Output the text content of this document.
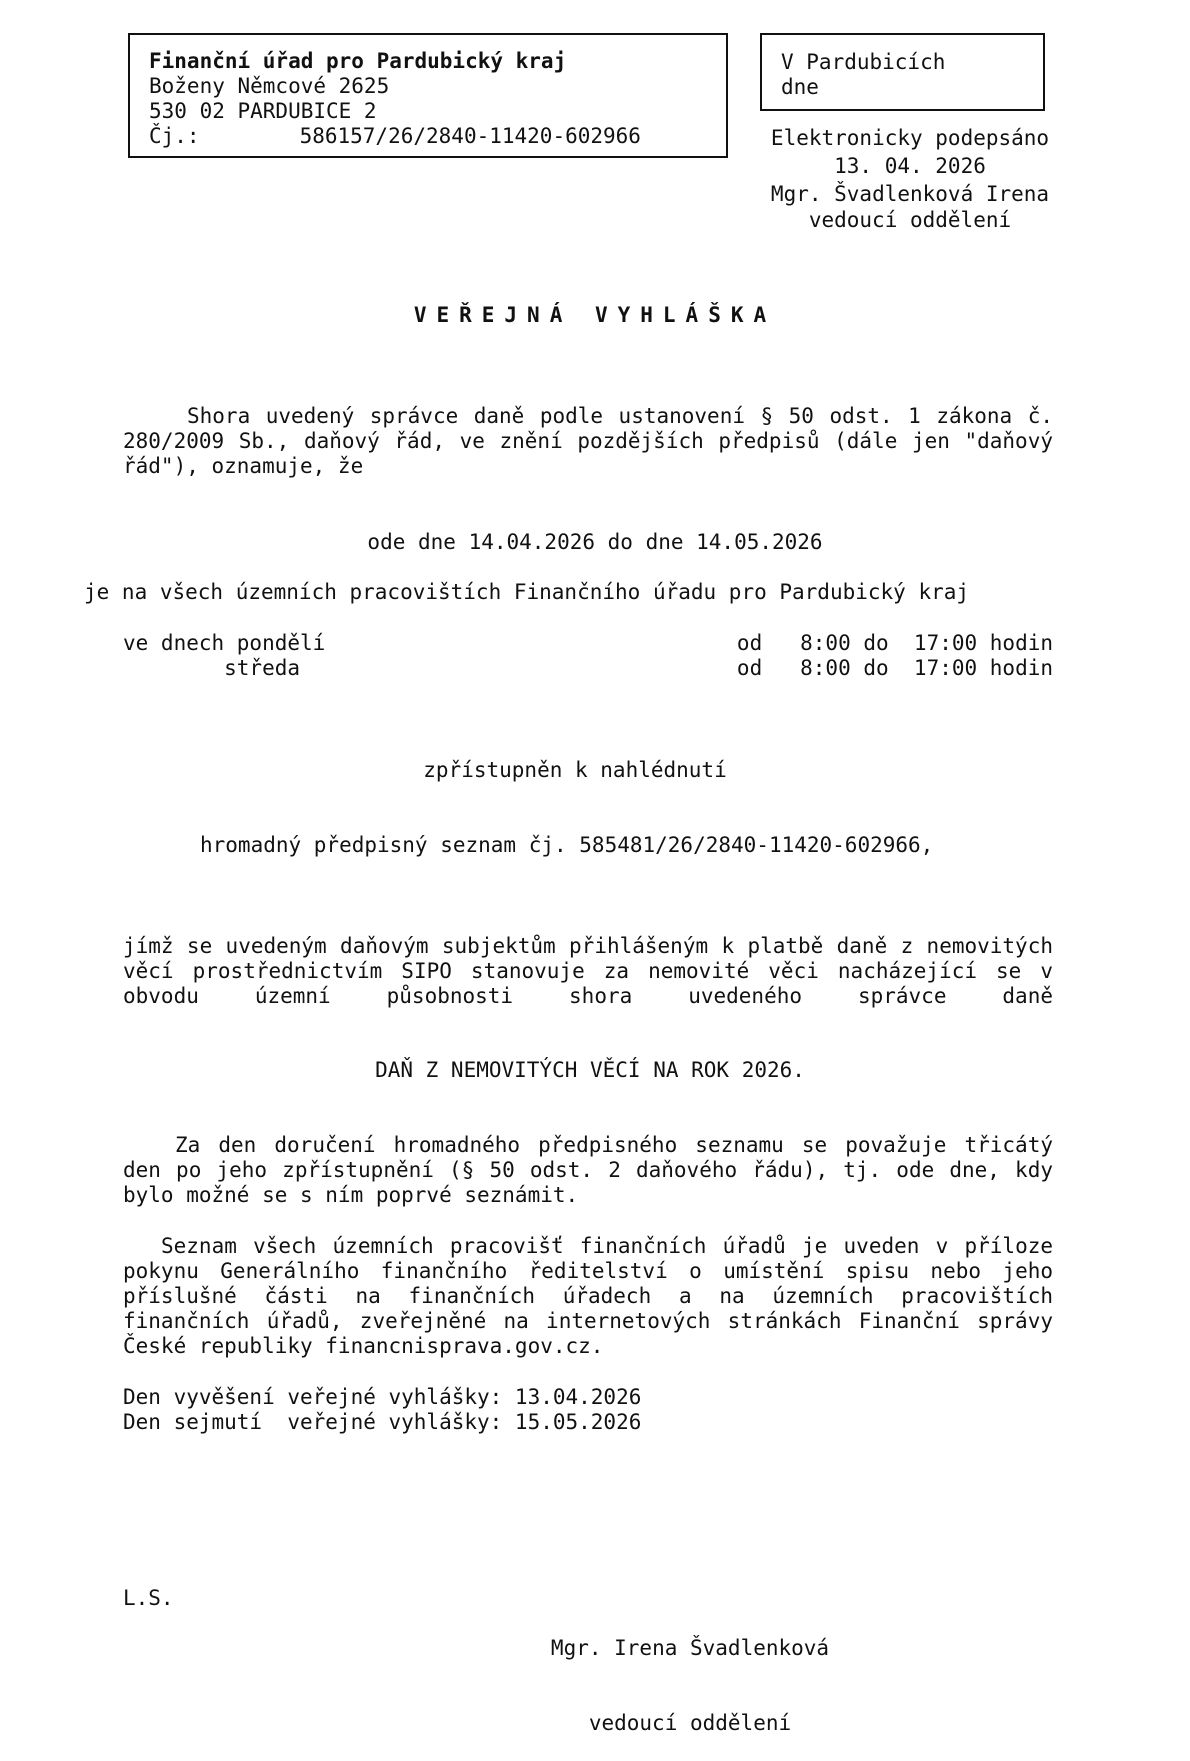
Finanční úřad pro Pardubický kraj
Boženy Němcové 2625
530 02 PARDUBICE 2
Čj.:	586157/26/2840-11420-602966
V Pardubicích
dne
Elektronicky podepsáno
13. 04. 2026
Mgr. Švadlenková Irena
vedoucí oddělení
VEŘEJNÁ VYHLÁŠKA
Shora uvedený správce daně podle ustanovení § 50 odst. 1 zákona č. 280/2009 Sb., daňový řád, ve znění pozdějších předpisů (dále jen "daňový řád"), oznamuje, že
ode dne 14.04.2026 do dne 14.05.2026
je na všech územních pracovištích Finančního úřadu pro Pardubický kraj
ve dnech pondělí	od   8:00 do  17:00 hodin
středa	od   8:00 do  17:00 hodin
zpřístupněn k nahlédnutí
hromadný předpisný seznam čj. 585481/26/2840-11420-602966,
jímž se uvedeným daňovým subjektům přihlášeným k platbě daně z nemovitých věcí prostřednictvím SIPO stanovuje za nemovité věci nacházející se v obvodu územní působnosti shora uvedeného správce daně
DAŇ Z NEMOVITÝCH VĚCÍ NA ROK 2026.
Za den doručení hromadného předpisného seznamu se považuje třicátý den po jeho zpřístupnění (§ 50 odst. 2 daňového řádu), tj. ode dne, kdy bylo možné se s ním poprvé seznámit.
Seznam všech územních pracovišť finančních úřadů je uveden v příloze pokynu Generálního finančního ředitelství o umístění spisu nebo jeho příslušné části na finančních úřadech a na územních pracovištích finančních úřadů, zveřejněné na internetových stránkách Finanční správy České republiky financnisprava.gov.cz.
Den vyvěšení veřejné vyhlášky: 13.04.2026
Den sejmutí  veřejné vyhlášky: 15.05.2026
L.S.

Mgr. Irena Švadlenková

vedoucí oddělení
